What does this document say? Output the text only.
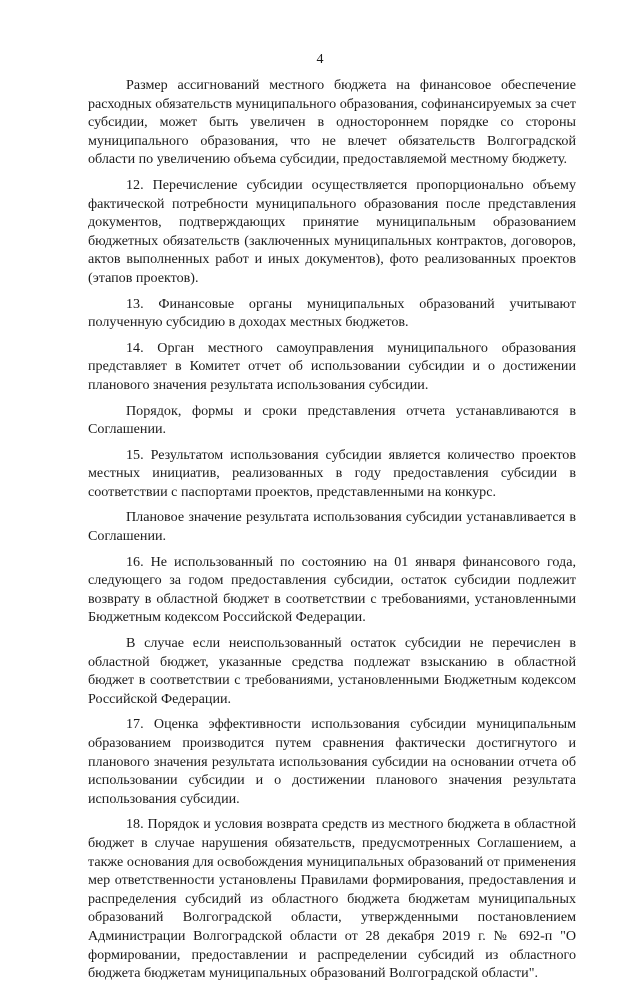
4

Размер ассигнований местного бюджета на финансовое обеспечение расходных обязательств муниципального образования, софинансируемых за счет субсидии, может быть увеличен в одностороннем порядке со стороны муниципального образования, что не влечет обязательств Волгоградской области по увеличению объема субсидии, предоставляемой местному бюджету.

12. Перечисление субсидии осуществляется пропорционально объему фактической потребности муниципального образования после представления документов, подтверждающих принятие муниципальным образованием бюджетных обязательств (заключенных муниципальных контрактов, договоров, актов выполненных работ и иных документов), фото реализованных проектов (этапов проектов).

13. Финансовые органы муниципальных образований учитывают полученную субсидию в доходах местных бюджетов.

14. Орган местного самоуправления муниципального образования представляет в Комитет отчет об использовании субсидии и о достижении планового значения результата использования субсидии.

Порядок, формы и сроки представления отчета устанавливаются в Соглашении.

15. Результатом использования субсидии является количество проектов местных инициатив, реализованных в году предоставления субсидии в соответствии с паспортами проектов, представленными на конкурс.

Плановое значение результата использования субсидии устанавливается в Соглашении.

16. Не использованный по состоянию на 01 января финансового года, следующего за годом предоставления субсидии, остаток субсидии подлежит возврату в областной бюджет в соответствии с требованиями, установленными Бюджетным кодексом Российской Федерации.

В случае если неиспользованный остаток субсидии не перечислен в областной бюджет, указанные средства подлежат взысканию в областной бюджет в соответствии с требованиями, установленными Бюджетным кодексом Российской Федерации.

17. Оценка эффективности использования субсидии муниципальным образованием производится путем сравнения фактически достигнутого и планового значения результата использования субсидии на основании отчета об использовании субсидии и о достижении планового значения результата использования субсидии.

18. Порядок и условия возврата средств из местного бюджета в областной бюджет в случае нарушения обязательств, предусмотренных Соглашением, а также основания для освобождения муниципальных образований от применения мер ответственности установлены Правилами формирования, предоставления и распределения субсидий из областного бюджета бюджетам муниципальных образований Волгоградской области, утвержденными постановлением Администрации Волгоградской области от 28 декабря 2019 г. № 692-п "О формировании, предоставлении и распределении субсидий из областного бюджета бюджетам муниципальных образований Волгоградской области".
